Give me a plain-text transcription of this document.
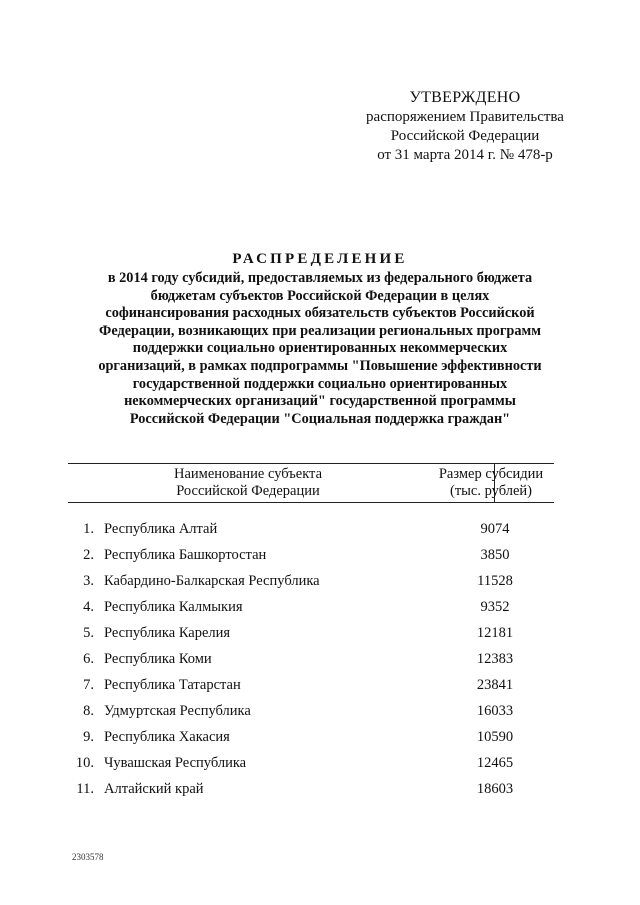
УТВЕРЖДЕНО
распоряжением Правительства
Российской Федерации
от 31 марта 2014 г. № 478-р
РАСПРЕДЕЛЕНИЕ
в 2014 году субсидий, предоставляемых из федерального бюджета
бюджетам субъектов Российской Федерации в целях
софинансирования расходных обязательств субъектов Российской
Федерации, возникающих при реализации региональных программ
поддержки социально ориентированных некоммерческих
организаций, в рамках подпрограммы "Повышение эффективности
государственной поддержки социально ориентированных
некоммерческих организаций" государственной программы
Российской Федерации "Социальная поддержка граждан"
Наименование субъекта
Российской Федерации
Размер субсидии
(тыс. рублей)
1. Республика Алтай	9074
2. Республика Башкортостан	3850
3. Кабардино-Балкарская Республика	11528
4. Республика Калмыкия	9352
5. Республика Карелия	12181
6. Республика Коми	12383
7. Республика Татарстан	23841
8. Удмуртская Республика	16033
9. Республика Хакасия	10590
10. Чувашская Республика	12465
11. Алтайский край	18603
2303578
